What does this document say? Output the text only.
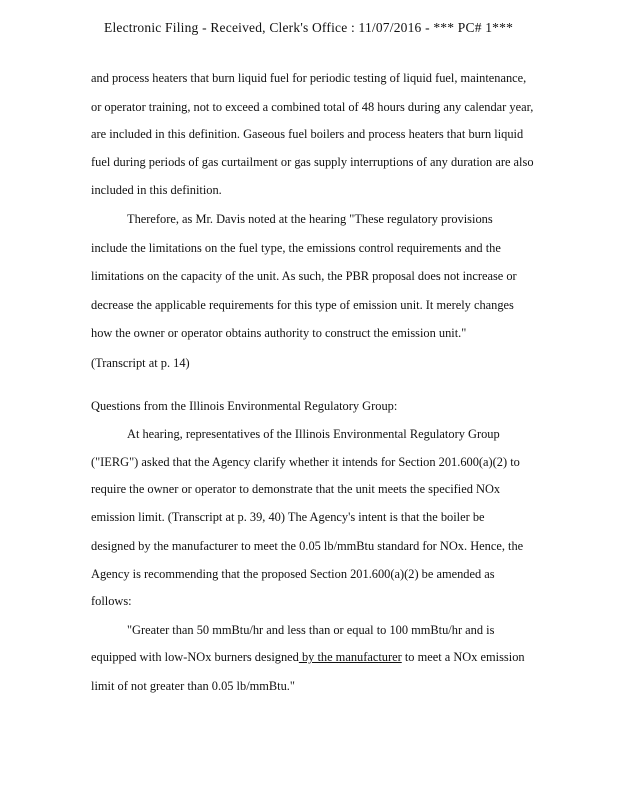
Electronic Filing - Received, Clerk's Office : 11/07/2016 - *** PC# 1***
and process heaters that burn liquid fuel for periodic testing of liquid fuel, maintenance,
or operator training, not to exceed a combined total of 48 hours during any calendar year,
are included in this definition. Gaseous fuel boilers and process heaters that burn liquid
fuel during periods of gas curtailment or gas supply interruptions of any duration are also
included in this definition.
Therefore, as Mr. Davis noted at the hearing "These regulatory provisions
include the limitations on the fuel type, the emissions control requirements and the
limitations on the capacity of the unit. As such, the PBR proposal does not increase or
decrease the applicable requirements for this type of emission unit. It merely changes
how the owner or operator obtains authority to construct the emission unit."
(Transcript at p. 14)
Questions from the Illinois Environmental Regulatory Group:
At hearing, representatives of the Illinois Environmental Regulatory Group
("IERG") asked that the Agency clarify whether it intends for Section 201.600(a)(2) to
require the owner or operator to demonstrate that the unit meets the specified NOx
emission limit. (Transcript at p. 39, 40) The Agency's intent is that the boiler be
designed by the manufacturer to meet the 0.05 lb/mmBtu standard for NOx. Hence, the
Agency is recommending that the proposed Section 201.600(a)(2) be amended as
follows:
"Greater than 50 mmBtu/hr and less than or equal to 100 mmBtu/hr and is
equipped with low-NOx burners designed by the manufacturer to meet a NOx emission
limit of not greater than 0.05 lb/mmBtu."
